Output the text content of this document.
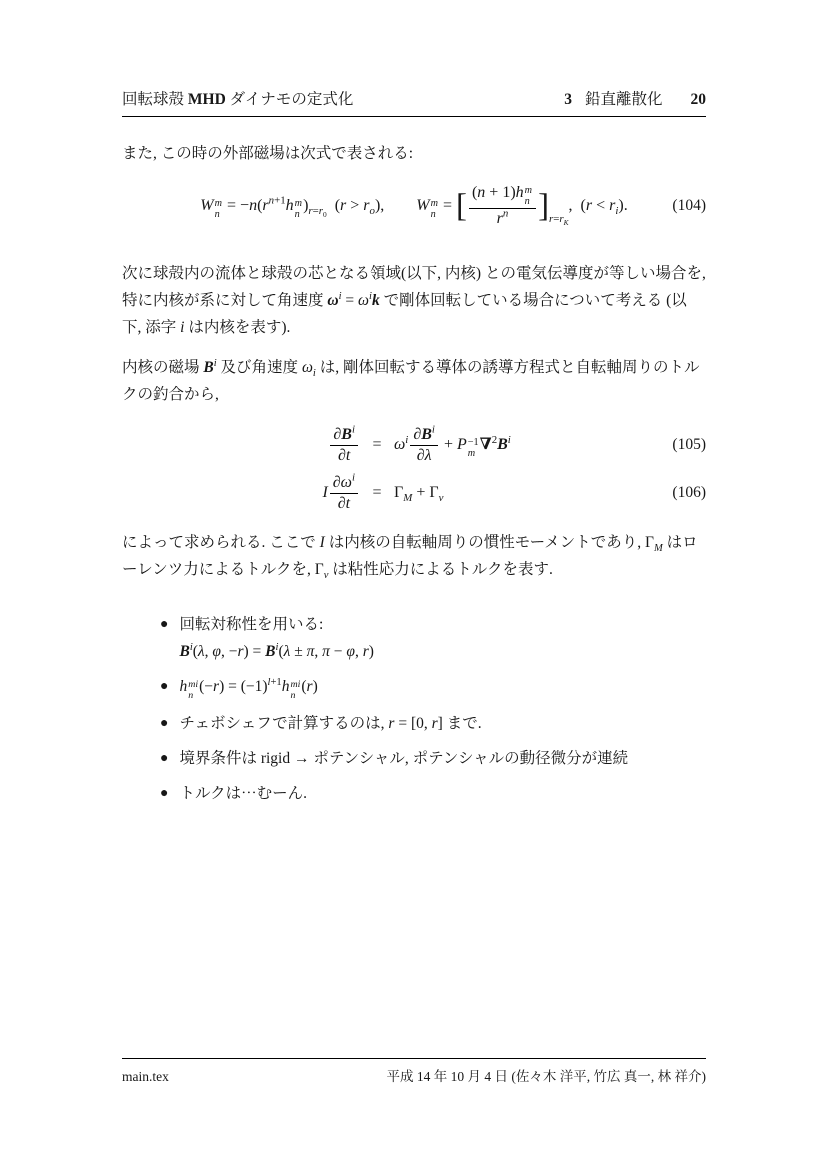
回転球殻 MHD ダイナモの定式化	3 鉛直離散化 20

また, この時の外部磁場は次式で表される:

W m
n
= $-n(r^{n+1}h$ m
n
)$_{r=r_0}$ $(r > r_o)$,  W m
n
= [ (n + 1)h m
n
$r^n$ ]$_{r=r_K}$, $(r < r_i)$.	(104)

次に球殻内の流体と球殻の芯となる領域(以下, 内核) との電気伝導度が等しい場合を, 特に内核が系に対して角速度 $\omega^i = \omega^ik$ で剛体回転している場合について考える (以下, 添字 i は内核を表す).

内核の磁場 $B^i$ 及び角速度 $\omega_i$ は, 剛体回転する導体の誘導方程式と自転軸周りのトルクの釣合から,

$\frac{\partial B^i}{\partial t} = \omega^i \frac{\partial B^i}{\partial\lambda} + P -1$
m
$\nabla^2B^i$	(105)
I $\frac{\partial\omega^i}{\partial t} = \Gamma_M + \Gamma_\nu$	(106)

によって求められる. ここで I は内核の自転軸周りの慣性モーメントであり, $\Gamma_M$ はローレンツ力によるトルクを, $\Gamma_\nu$ は粘性応力によるトルクを表す.

● 回転対称性を用いる:
$B^i(\lambda$, φ, $-r) = B^i(\lambda \pm \pi$, π − φ, r)
● h mi
n
$(-r) = (-1)^{l+1}h$ mi
n
(r)
● チェボシェフで計算するのは, r = [0, r] まで.
● 境界条件は rigid → ポテンシャル, ポテンシャルの動径微分が連続
● トルクは⋯むーん.
main.tex	平成 14 年 10 月 4 日 (佐々木 洋平, 竹広 真一, 林 祥介)
